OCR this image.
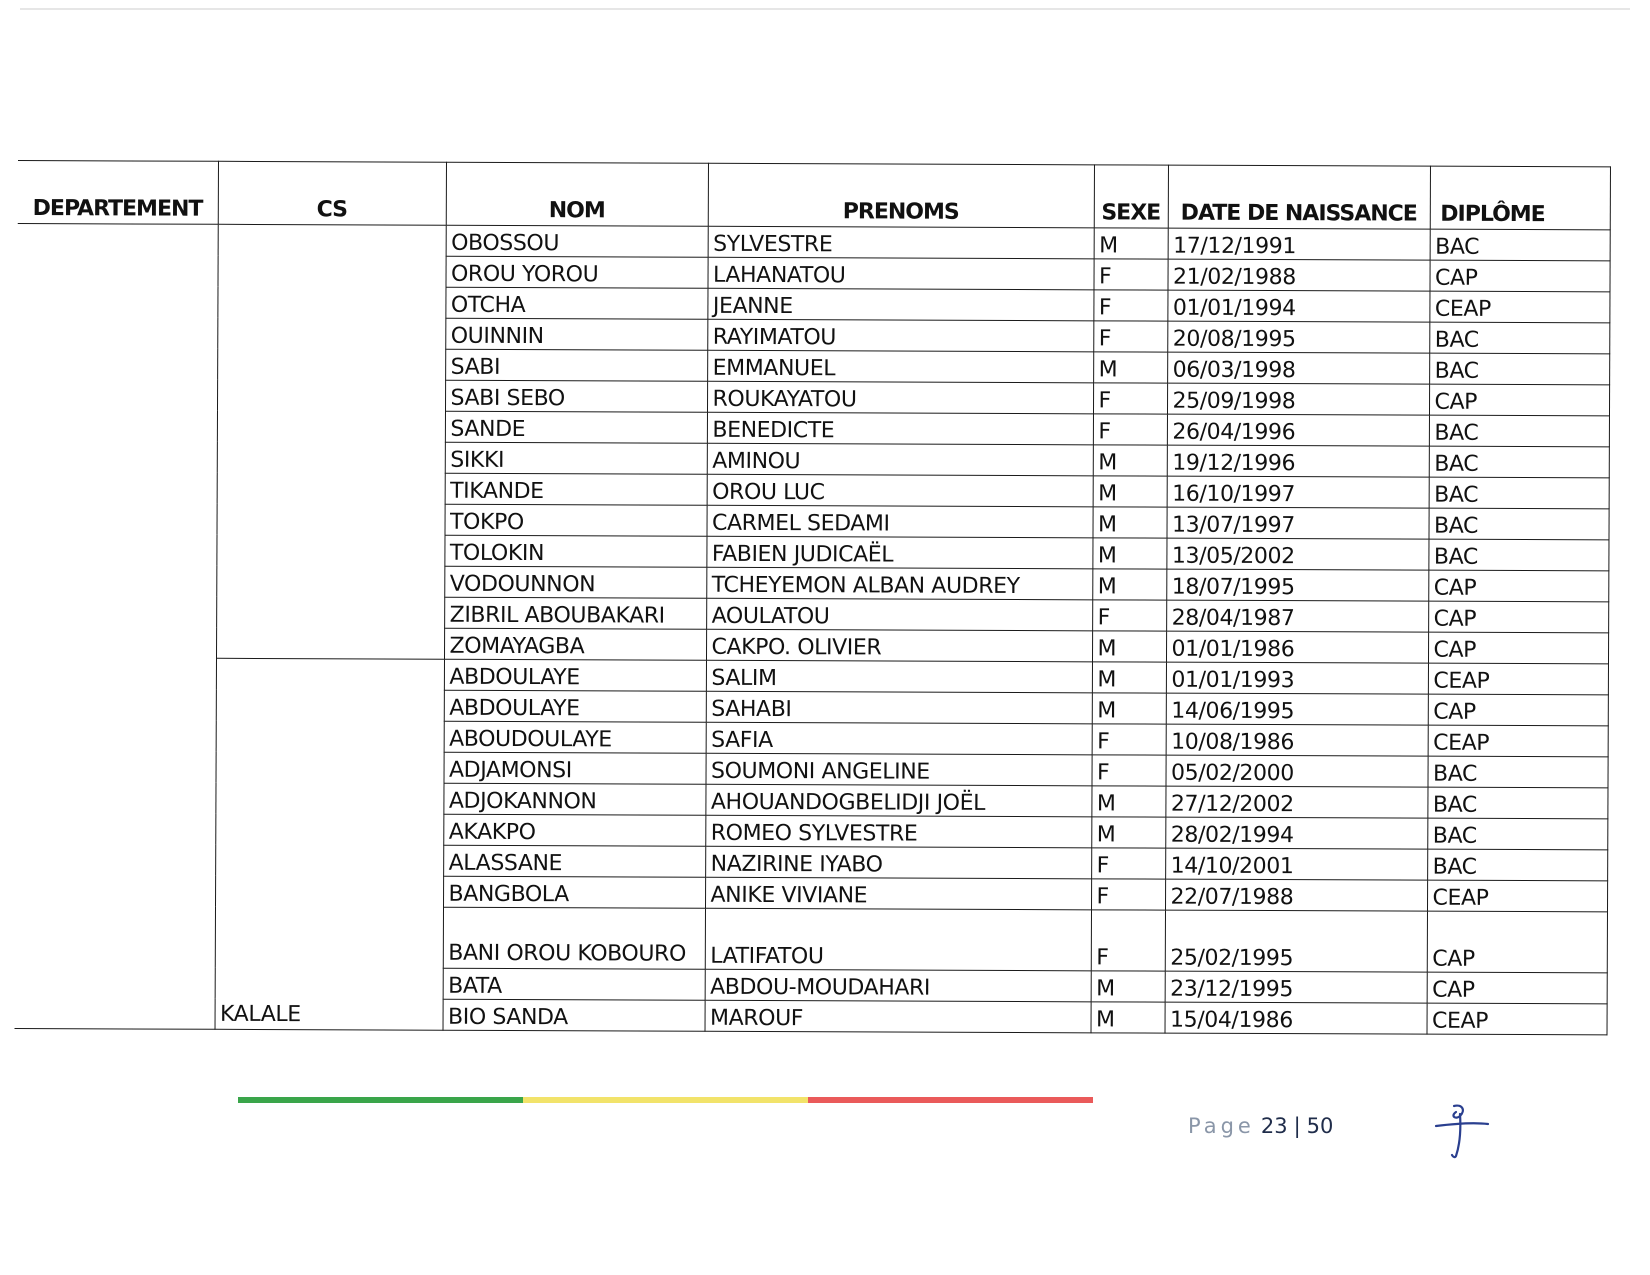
DEPARTEMENT	CS	NOM	PRENOMS	SEXE	DATE DE NAISSANCE	DIPLÔME
		OBOSSOU	SYLVESTRE	M	17/12/1991	BAC
		OROU YOROU	LAHANATOU	F	21/02/1988	CAP
		OTCHA	JEANNE	F	01/01/1994	CEAP
		OUINNIN	RAYIMATOU	F	20/08/1995	BAC
		SABI	EMMANUEL	M	06/03/1998	BAC
		SABI SEBO	ROUKAYATOU	F	25/09/1998	CAP
		SANDE	BENEDICTE	F	26/04/1996	BAC
		SIKKI	AMINOU	M	19/12/1996	BAC
		TIKANDE	OROU LUC	M	16/10/1997	BAC
		TOKPO	CARMEL SEDAMI	M	13/07/1997	BAC
		TOLOKIN	FABIEN JUDICAËL	M	13/05/2002	BAC
		VODOUNNON	TCHEYEMON ALBAN AUDREY	M	18/07/1995	CAP
		ZIBRIL ABOUBAKARI	AOULATOU	F	28/04/1987	CAP
		ZOMAYAGBA	CAKPO. OLIVIER	M	01/01/1986	CAP
	KALALE	ABDOULAYE	SALIM	M	01/01/1993	CEAP
		ABDOULAYE	SAHABI	M	14/06/1995	CAP
		ABOUDOULAYE	SAFIA	F	10/08/1986	CEAP
		ADJAMONSI	SOUMONI ANGELINE	F	05/02/2000	BAC
		ADJOKANNON	AHOUANDOGBELIDJI JOËL	M	27/12/2002	BAC
		AKAKPO	ROMEO SYLVESTRE	M	28/02/1994	BAC
		ALASSANE	NAZIRINE IYABO	F	14/10/2001	BAC
		BANGBOLA	ANIKE VIVIANE	F	22/07/1988	CEAP
		BANI OROU KOBOURO	LATIFATOU	F	25/02/1995	CAP
		BATA	ABDOU-MOUDAHARI	M	23/12/1995	CAP
		BIO SANDA	MAROUF	M	15/04/1986	CEAP
Page 23 | 50
